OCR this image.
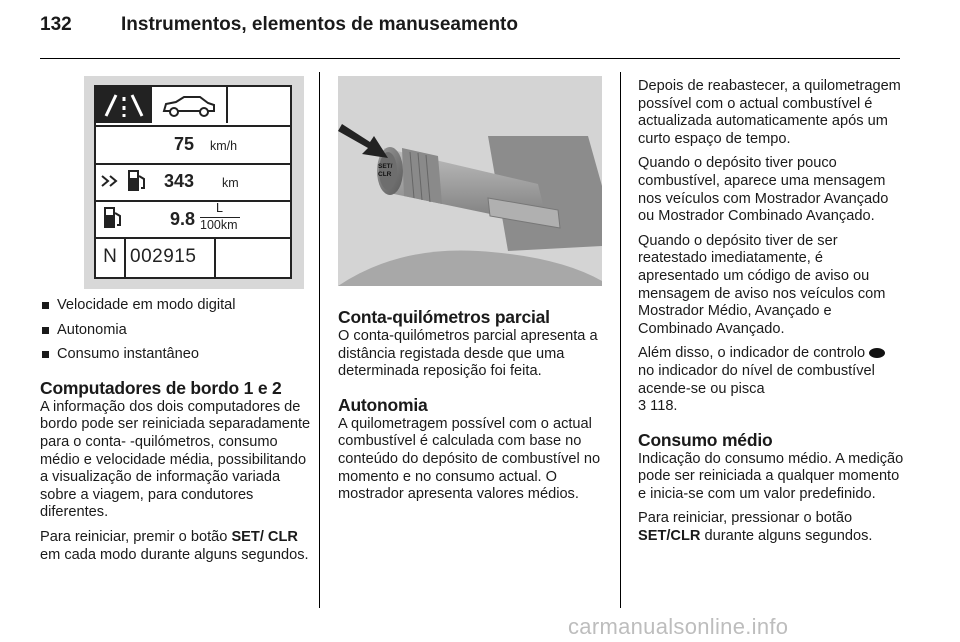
132	Instrumentos, elementos de manuseamento
75 km/h
343 km
9.8
L
100km
N 002915
Velocidade em modo digital
Autonomia
Consumo instantâneo
Computadores de bordo 1 e 2

A informação dos dois computadores de bordo pode ser reiniciada separadamente para o conta- -quilómetros, consumo médio e velocidade média, possibilitando a visualização de informação variada sobre a viagem, para condutores diferentes.

Para reiniciar, premir o botão SET/ CLR em cada modo durante alguns segundos.

SET/
CLR
Conta-quilómetros parcial

O conta-quilómetros parcial apresenta a distância registada desde que uma determinada reposição foi feita.

Autonomia

A quilometragem possível com o actual combustível é calculada com base no conteúdo do depósito de combustível no momento e no consumo actual. O mostrador apresenta valores médios.

Depois de reabastecer, a quilometragem possível com o actual combustível é actualizada automaticamente após um curto espaço de tempo.

Quando o depósito tiver pouco combustível, aparece uma mensagem nos veículos com Mostrador Avançado ou Mostrador Combinado Avançado.

Quando o depósito tiver de ser reatestado imediatamente, é apresentado um código de aviso ou mensagem de aviso nos veículos com Mostrador Médio, Avançado e Combinado Avançado.

Além disso, o indicador de controlo  no indicador do nível de combustível acende-se ou pisca
3 118.

Consumo médio

Indicação do consumo médio. A medição pode ser reiniciada a qualquer momento e inicia-se com um valor predefinido.

Para reiniciar, pressionar o botão SET/CLR durante alguns segundos.

carmanualsonline.info
